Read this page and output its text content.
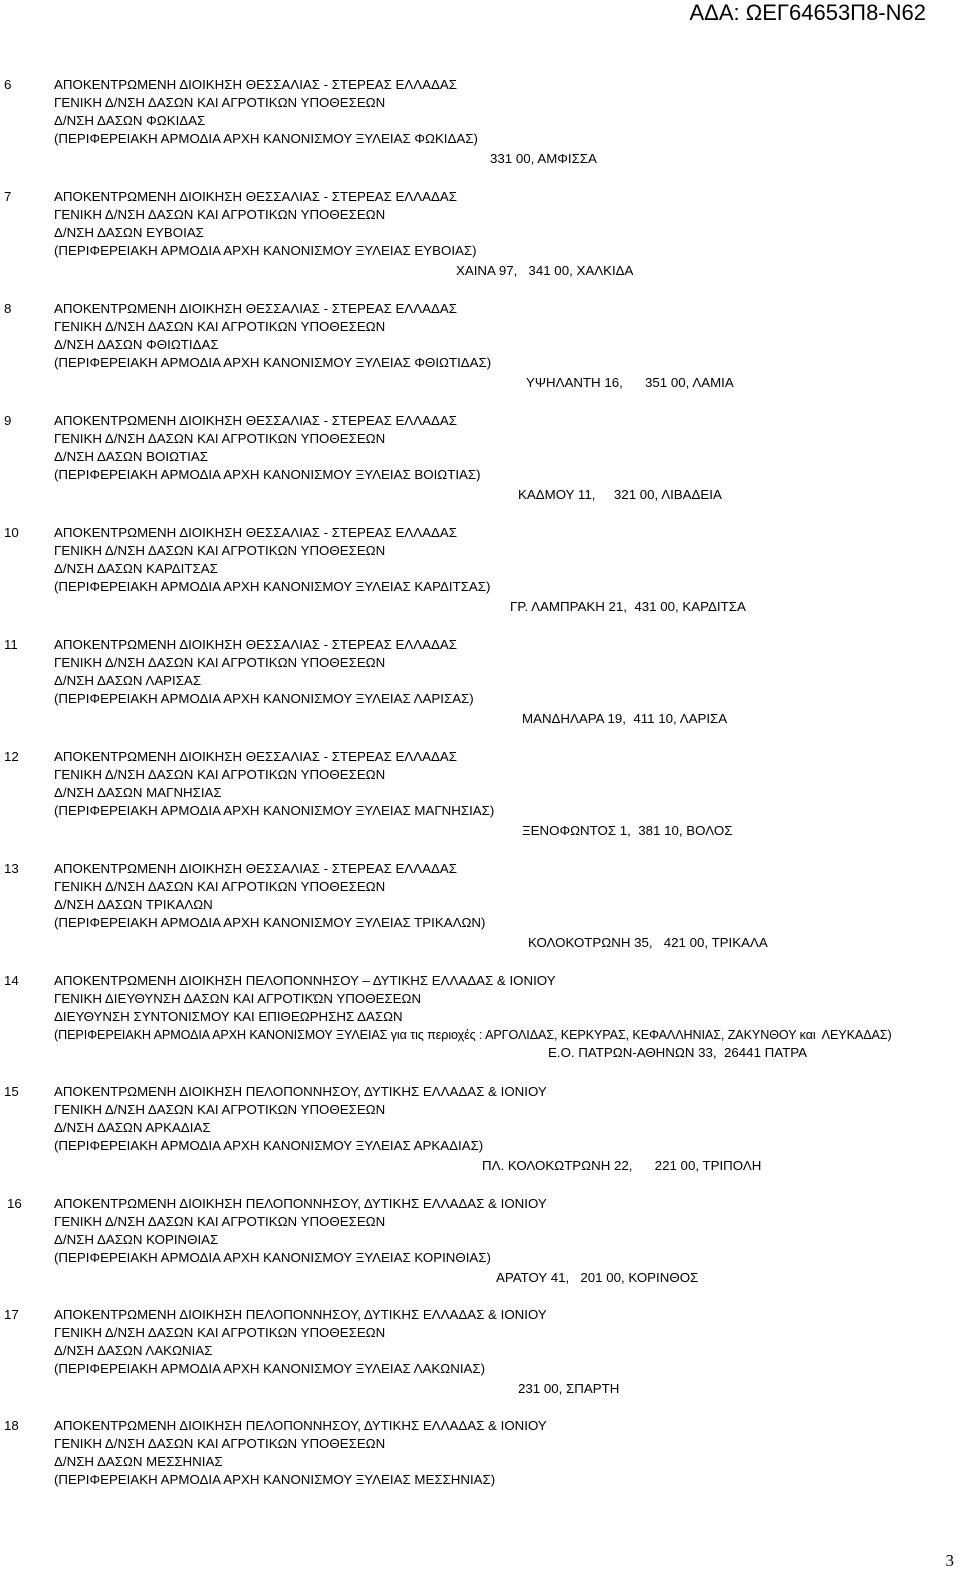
ΑΔΑ: ΩΕΓ64653Π8-Ν62
6	ΑΠΟΚΕΝΤΡΩΜΕΝΗ ΔΙΟΙΚΗΣΗ ΘΕΣΣΑΛΙΑΣ - ΣΤΕΡΕΑΣ ΕΛΛΑΔΑΣ
ΓΕΝΙΚΗ Δ/ΝΣΗ ΔΑΣΩΝ ΚΑΙ ΑΓΡΟΤΙΚΩΝ ΥΠΟΘΕΣΕΩΝ
Δ/ΝΣΗ ΔΑΣΩΝ ΦΩΚΙΔΑΣ
(ΠΕΡΙΦΕΡΕΙΑΚΗ ΑΡΜΟΔΙΑ ΑΡΧΗ ΚΑΝΟΝΙΣΜΟΥ ΞΥΛΕΙΑΣ ΦΩΚΙΔΑΣ)
331 00, ΑΜΦΙΣΣΑ
7	ΑΠΟΚΕΝΤΡΩΜΕΝΗ ΔΙΟΙΚΗΣΗ ΘΕΣΣΑΛΙΑΣ - ΣΤΕΡΕΑΣ ΕΛΛΑΔΑΣ
ΓΕΝΙΚΗ Δ/ΝΣΗ ΔΑΣΩΝ ΚΑΙ ΑΓΡΟΤΙΚΩΝ ΥΠΟΘΕΣΕΩΝ
Δ/ΝΣΗ ΔΑΣΩΝ ΕΥΒΟΙΑΣ
(ΠΕΡΙΦΕΡΕΙΑΚΗ ΑΡΜΟΔΙΑ ΑΡΧΗ ΚΑΝΟΝΙΣΜΟΥ ΞΥΛΕΙΑΣ ΕΥΒΟΙΑΣ)
ΧΑΙΝΑ 97,   341 00, ΧΑΛΚΙΔΑ
8	ΑΠΟΚΕΝΤΡΩΜΕΝΗ ΔΙΟΙΚΗΣΗ ΘΕΣΣΑΛΙΑΣ - ΣΤΕΡΕΑΣ ΕΛΛΑΔΑΣ
ΓΕΝΙΚΗ Δ/ΝΣΗ ΔΑΣΩΝ ΚΑΙ ΑΓΡΟΤΙΚΩΝ ΥΠΟΘΕΣΕΩΝ
Δ/ΝΣΗ ΔΑΣΩΝ ΦΘΙΩΤΙΔΑΣ
(ΠΕΡΙΦΕΡΕΙΑΚΗ ΑΡΜΟΔΙΑ ΑΡΧΗ ΚΑΝΟΝΙΣΜΟΥ ΞΥΛΕΙΑΣ ΦΘΙΩΤΙΔΑΣ)
ΥΨΗΛΑΝΤΗ 16,      351 00, ΛΑΜΙΑ
9	ΑΠΟΚΕΝΤΡΩΜΕΝΗ ΔΙΟΙΚΗΣΗ ΘΕΣΣΑΛΙΑΣ - ΣΤΕΡΕΑΣ ΕΛΛΑΔΑΣ
ΓΕΝΙΚΗ Δ/ΝΣΗ ΔΑΣΩΝ ΚΑΙ ΑΓΡΟΤΙΚΩΝ ΥΠΟΘΕΣΕΩΝ
Δ/ΝΣΗ ΔΑΣΩΝ ΒΟΙΩΤΙΑΣ
(ΠΕΡΙΦΕΡΕΙΑΚΗ ΑΡΜΟΔΙΑ ΑΡΧΗ ΚΑΝΟΝΙΣΜΟΥ ΞΥΛΕΙΑΣ ΒΟΙΩΤΙΑΣ)
ΚΑΔΜΟΥ 11,     321 00, ΛΙΒΑΔΕΙΑ
10	ΑΠΟΚΕΝΤΡΩΜΕΝΗ ΔΙΟΙΚΗΣΗ ΘΕΣΣΑΛΙΑΣ - ΣΤΕΡΕΑΣ ΕΛΛΑΔΑΣ
ΓΕΝΙΚΗ Δ/ΝΣΗ ΔΑΣΩΝ ΚΑΙ ΑΓΡΟΤΙΚΩΝ ΥΠΟΘΕΣΕΩΝ
Δ/ΝΣΗ ΔΑΣΩΝ ΚΑΡΔΙΤΣΑΣ
(ΠΕΡΙΦΕΡΕΙΑΚΗ ΑΡΜΟΔΙΑ ΑΡΧΗ ΚΑΝΟΝΙΣΜΟΥ ΞΥΛΕΙΑΣ ΚΑΡΔΙΤΣΑΣ)
ΓΡ. ΛΑΜΠΡΑΚΗ 21,  431 00, ΚΑΡΔΙΤΣΑ
11	ΑΠΟΚΕΝΤΡΩΜΕΝΗ ΔΙΟΙΚΗΣΗ ΘΕΣΣΑΛΙΑΣ - ΣΤΕΡΕΑΣ ΕΛΛΑΔΑΣ
ΓΕΝΙΚΗ Δ/ΝΣΗ ΔΑΣΩΝ ΚΑΙ ΑΓΡΟΤΙΚΩΝ ΥΠΟΘΕΣΕΩΝ
Δ/ΝΣΗ ΔΑΣΩΝ ΛΑΡΙΣΑΣ
(ΠΕΡΙΦΕΡΕΙΑΚΗ ΑΡΜΟΔΙΑ ΑΡΧΗ ΚΑΝΟΝΙΣΜΟΥ ΞΥΛΕΙΑΣ ΛΑΡΙΣΑΣ)
ΜΑΝΔΗΛΑΡΑ 19,  411 10, ΛΑΡΙΣΑ
12	ΑΠΟΚΕΝΤΡΩΜΕΝΗ ΔΙΟΙΚΗΣΗ ΘΕΣΣΑΛΙΑΣ - ΣΤΕΡΕΑΣ ΕΛΛΑΔΑΣ
ΓΕΝΙΚΗ Δ/ΝΣΗ ΔΑΣΩΝ ΚΑΙ ΑΓΡΟΤΙΚΩΝ ΥΠΟΘΕΣΕΩΝ
Δ/ΝΣΗ ΔΑΣΩΝ ΜΑΓΝΗΣΙΑΣ
(ΠΕΡΙΦΕΡΕΙΑΚΗ ΑΡΜΟΔΙΑ ΑΡΧΗ ΚΑΝΟΝΙΣΜΟΥ ΞΥΛΕΙΑΣ ΜΑΓΝΗΣΙΑΣ)
ΞΕΝΟΦΩΝΤΟΣ 1,  381 10, ΒΟΛΟΣ
13	ΑΠΟΚΕΝΤΡΩΜΕΝΗ ΔΙΟΙΚΗΣΗ ΘΕΣΣΑΛΙΑΣ - ΣΤΕΡΕΑΣ ΕΛΛΑΔΑΣ
ΓΕΝΙΚΗ Δ/ΝΣΗ ΔΑΣΩΝ ΚΑΙ ΑΓΡΟΤΙΚΩΝ ΥΠΟΘΕΣΕΩΝ
Δ/ΝΣΗ ΔΑΣΩΝ ΤΡΙΚΑΛΩΝ
(ΠΕΡΙΦΕΡΕΙΑΚΗ ΑΡΜΟΔΙΑ ΑΡΧΗ ΚΑΝΟΝΙΣΜΟΥ ΞΥΛΕΙΑΣ ΤΡΙΚΑΛΩΝ)
ΚΟΛΟΚΟΤΡΩΝΗ 35,   421 00, ΤΡΙΚΑΛΑ
14	ΑΠΟΚΕΝΤΡΩΜΕΝΗ ΔΙΟΙΚΗΣΗ ΠΕΛΟΠΟΝΝΗΣΟΥ – ΔΥΤΙΚΗΣ ΕΛΛΑΔΑΣ & ΙΟΝΙΟΥ
ΓΕΝΙΚΗ ΔΙΕΥΘΥΝΣΗ ΔΑΣΩΝ ΚΑΙ ΑΓΡΟΤΙΚΏΝ ΥΠΟΘΕΣΕΩΝ
ΔΙΕΥΘΥΝΣΗ ΣΥΝΤΟΝΙΣΜΟΥ ΚΑΙ ΕΠΙΘΕΩΡΗΣΗΣ ΔΑΣΩΝ
(ΠΕΡΙΦΕΡΕΙΑΚΗ ΑΡΜΟΔΙΑ ΑΡΧΗ ΚΑΝΟΝΙΣΜΟΥ ΞΥΛΕΙΑΣ για τις περιοχές : ΑΡΓΟΛΙΔΑΣ, ΚΕΡΚΥΡΑΣ, ΚΕΦΑΛΛΗΝΙΑΣ, ΖΑΚΥΝΘΟΥ και  ΛΕΥΚΑΔΑΣ)
Ε.Ο. ΠΑΤΡΩΝ-ΑΘΗΝΩΝ 33,  26441 ΠΑΤΡΑ
15	ΑΠΟΚΕΝΤΡΩΜΕΝΗ ΔΙΟΙΚΗΣΗ ΠΕΛΟΠΟΝΝΗΣΟΥ, ΔΥΤΙΚΗΣ ΕΛΛΑΔΑΣ & ΙΟΝΙΟΥ
ΓΕΝΙΚΗ Δ/ΝΣΗ ΔΑΣΩΝ ΚΑΙ ΑΓΡΟΤΙΚΩΝ ΥΠΟΘΕΣΕΩΝ
Δ/ΝΣΗ ΔΑΣΩΝ ΑΡΚΑΔΙΑΣ
(ΠΕΡΙΦΕΡΕΙΑΚΗ ΑΡΜΟΔΙΑ ΑΡΧΗ ΚΑΝΟΝΙΣΜΟΥ ΞΥΛΕΙΑΣ ΑΡΚΑΔΙΑΣ)
ΠΛ. ΚΟΛΟΚΩΤΡΩΝΗ 22,      221 00, ΤΡΙΠΟΛΗ
16	ΑΠΟΚΕΝΤΡΩΜΕΝΗ ΔΙΟΙΚΗΣΗ ΠΕΛΟΠΟΝΝΗΣΟΥ, ΔΥΤΙΚΗΣ ΕΛΛΑΔΑΣ & ΙΟΝΙΟΥ
ΓΕΝΙΚΗ Δ/ΝΣΗ ΔΑΣΩΝ ΚΑΙ ΑΓΡΟΤΙΚΩΝ ΥΠΟΘΕΣΕΩΝ
Δ/ΝΣΗ ΔΑΣΩΝ ΚΟΡΙΝΘΙΑΣ
(ΠΕΡΙΦΕΡΕΙΑΚΗ ΑΡΜΟΔΙΑ ΑΡΧΗ ΚΑΝΟΝΙΣΜΟΥ ΞΥΛΕΙΑΣ ΚΟΡΙΝΘΙΑΣ)
ΑΡΑΤΟΥ 41,   201 00, ΚΟΡΙΝΘΟΣ
17	ΑΠΟΚΕΝΤΡΩΜΕΝΗ ΔΙΟΙΚΗΣΗ ΠΕΛΟΠΟΝΝΗΣΟΥ, ΔΥΤΙΚΗΣ ΕΛΛΑΔΑΣ & ΙΟΝΙΟΥ
ΓΕΝΙΚΗ Δ/ΝΣΗ ΔΑΣΩΝ ΚΑΙ ΑΓΡΟΤΙΚΩΝ ΥΠΟΘΕΣΕΩΝ
Δ/ΝΣΗ ΔΑΣΩΝ ΛΑΚΩΝΙΑΣ
(ΠΕΡΙΦΕΡΕΙΑΚΗ ΑΡΜΟΔΙΑ ΑΡΧΗ ΚΑΝΟΝΙΣΜΟΥ ΞΥΛΕΙΑΣ ΛΑΚΩΝΙΑΣ)
231 00, ΣΠΑΡΤΗ
18	ΑΠΟΚΕΝΤΡΩΜΕΝΗ ΔΙΟΙΚΗΣΗ ΠΕΛΟΠΟΝΝΗΣΟΥ, ΔΥΤΙΚΗΣ ΕΛΛΑΔΑΣ & ΙΟΝΙΟΥ
ΓΕΝΙΚΗ Δ/ΝΣΗ ΔΑΣΩΝ ΚΑΙ ΑΓΡΟΤΙΚΩΝ ΥΠΟΘΕΣΕΩΝ
Δ/ΝΣΗ ΔΑΣΩΝ ΜΕΣΣΗΝΙΑΣ
(ΠΕΡΙΦΕΡΕΙΑΚΗ ΑΡΜΟΔΙΑ ΑΡΧΗ ΚΑΝΟΝΙΣΜΟΥ ΞΥΛΕΙΑΣ ΜΕΣΣΗΝΙΑΣ)
3
